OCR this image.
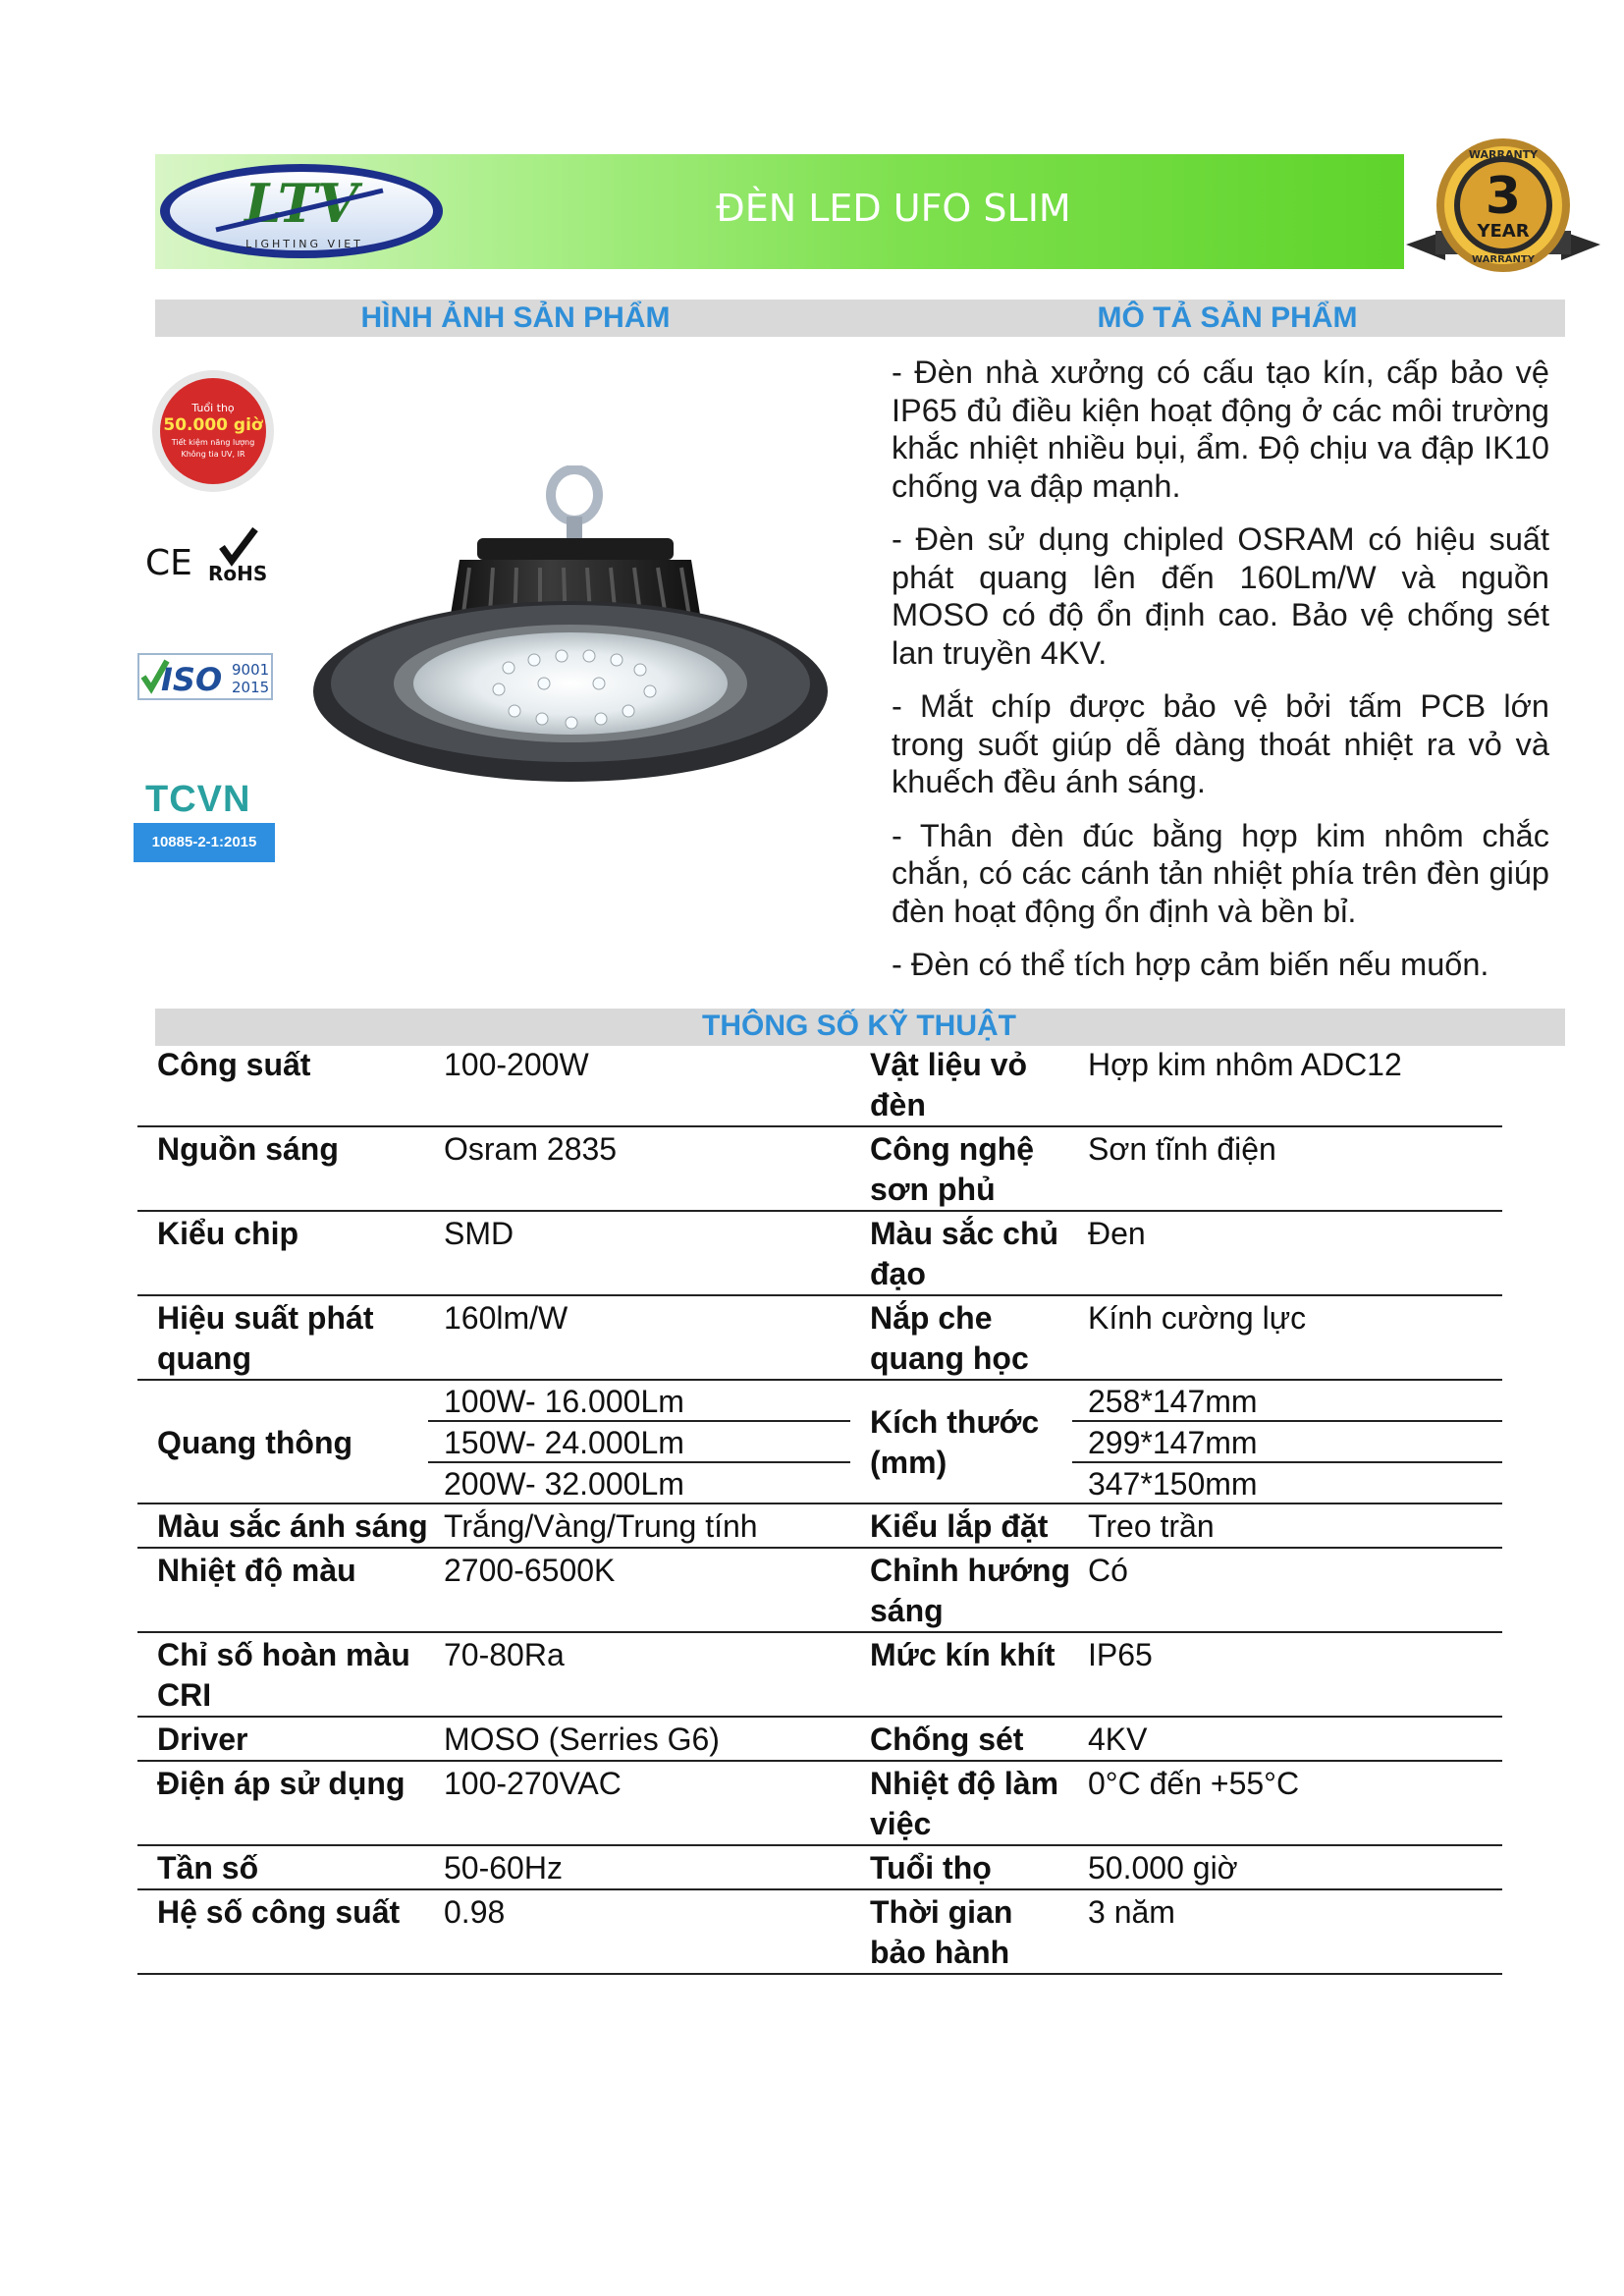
LTV
LIGHTING VIET
ĐÈN LED UFO SLIM
WARRANTY
3
YEAR
WARRANTY
HÌNH ẢNH SẢN PHẨM	MÔ TẢ SẢN PHẨM
Tuổi thọ
50.000 giờ
Tiết kiệm năng lượng
Không tia UV, IR
CE RoHS
ISO 9001
2015
TCVN
10885-2-1:2015

- Đèn nhà xưởng có cấu tạo kín, cấp bảo vệ IP65 đủ điều kiện hoạt động ở các môi trường khắc nhiệt nhiều bụi, ẩm. Độ chịu va đập IK10 chống va đập mạnh.

- Đèn sử dụng chipled OSRAM có hiệu suất phát quang lên đến 160Lm/W và nguồn MOSO có độ ổn định cao. Bảo vệ chống sét lan truyền 4KV.

- Mắt chíp được bảo vệ bởi tấm PCB lớn trong suốt giúp dễ dàng thoát nhiệt ra vỏ và khuếch đều ánh sáng.

- Thân đèn đúc bằng hợp kim nhôm chắc chắn, có các cánh tản nhiệt phía trên đèn giúp đèn hoạt động ổn định và bền bỉ.

- Đèn có thể tích hợp cảm biến nếu muốn.

THÔNG SỐ KỸ THUẬT
Công suất	100-200W	Vật liệu vỏ đèn	Hợp kim nhôm ADC12
Nguồn sáng	Osram 2835	Công nghệ sơn phủ	Sơn tĩnh điện
Kiểu chip	SMD	Màu sắc chủ đạo	Đen
Hiệu suất phát quang	160lm/W	Nắp che quang học	Kính cường lực
Quang thông	100W- 16.000Lm	Kích thước (mm)	258*147mm
	150W- 24.000Lm		299*147mm
	200W- 32.000Lm		347*150mm
Màu sắc ánh sáng	Trắng/Vàng/Trung tính	Kiểu lắp đặt	Treo trần
Nhiệt độ màu	2700-6500K	Chỉnh hướng sáng	Có
Chỉ số hoàn màu CRI	70-80Ra	Mức kín khít	IP65
Driver	MOSO (Serries G6)	Chống sét	4KV
Điện áp sử dụng	100-270VAC	Nhiệt độ làm việc	0°C đến +55°C
Tần số	50-60Hz	Tuổi thọ	50.000 giờ
Hệ số công suất	0.98	Thời gian bảo hành	3 năm
